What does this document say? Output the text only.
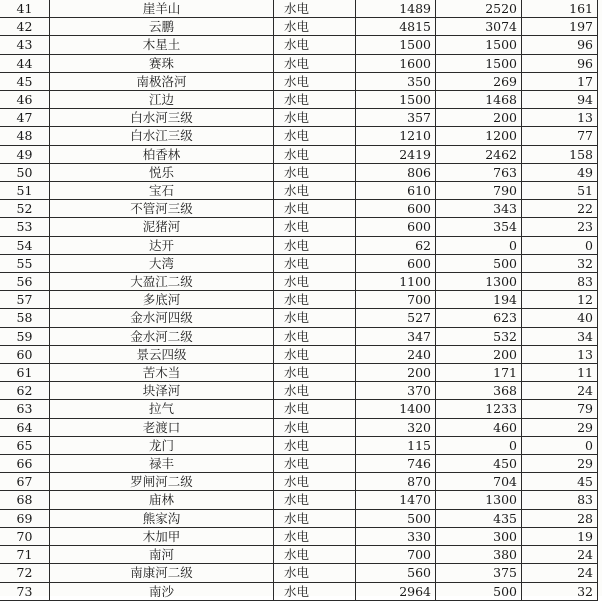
41	崖羊山	水电	1489	2520	161
42	云鹏	水电	4815	3074	197
43	木星土	水电	1500	1500	96
44	赛珠	水电	1600	1500	96
45	南极洛河	水电	350	269	17
46	江边	水电	1500	1468	94
47	白水河三级	水电	357	200	13
48	白水江三级	水电	1210	1200	77
49	柏香林	水电	2419	2462	158
50	悦乐	水电	806	763	49
51	宝石	水电	610	790	51
52	不管河三级	水电	600	343	22
53	泥猪河	水电	600	354	23
54	达开	水电	62	0	0
55	大湾	水电	600	500	32
56	大盈江二级	水电	1100	1300	83
57	多底河	水电	700	194	12
58	金水河四级	水电	527	623	40
59	金水河二级	水电	347	532	34
60	景云四级	水电	240	200	13
61	苦木当	水电	200	171	11
62	块泽河	水电	370	368	24
63	拉气	水电	1400	1233	79
64	老渡口	水电	320	460	29
65	龙门	水电	115	0	0
66	禄丰	水电	746	450	29
67	罗闸河二级	水电	870	704	45
68	庙林	水电	1470	1300	83
69	熊家沟	水电	500	435	28
70	木加甲	水电	330	300	19
71	南河	水电	700	380	24
72	南康河二级	水电	560	375	24
73	南沙	水电	2964	500	32
